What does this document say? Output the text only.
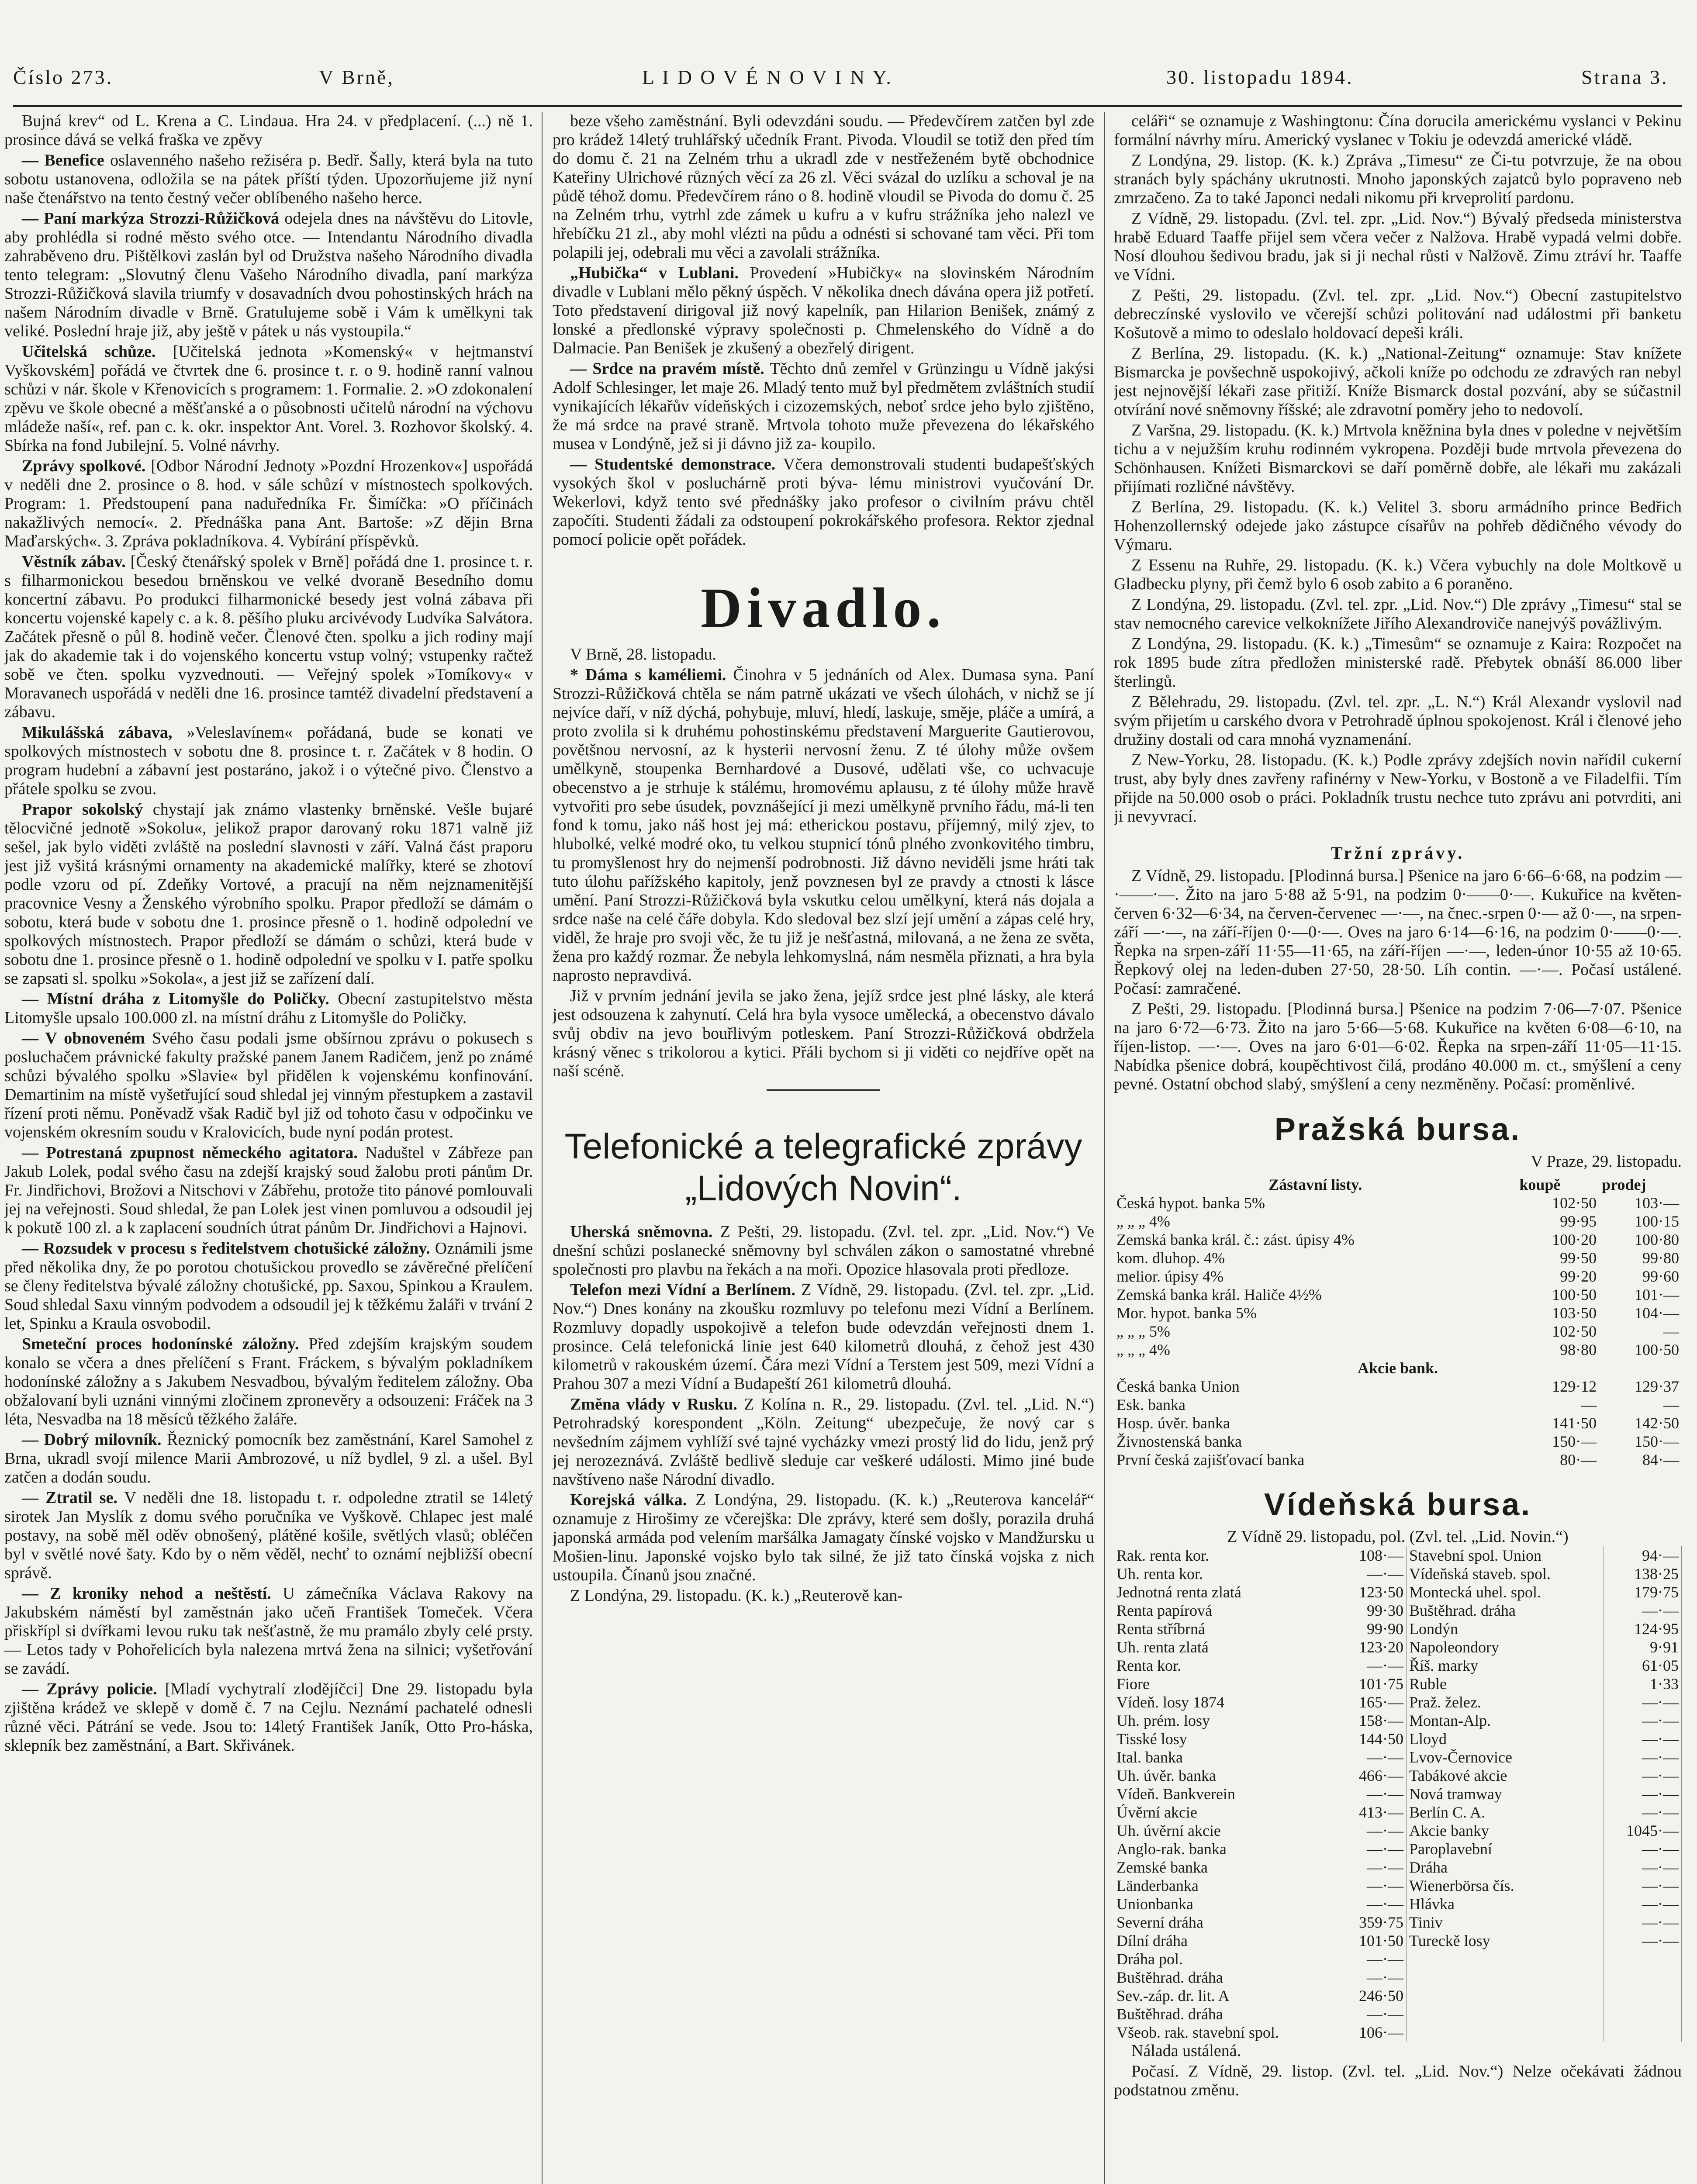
Číslo 273.	V Brně,	L I D O V É N O V I N Y.	30. listopadu 1894.	Strana 3.

Bujná krev“ od L. Krena a C. Lindaua. Hra 24. v předplacení. (...) ně 1. prosince dává se velká fraška ve zpěvy

— Benefice oslavenného našeho režiséra p. Bedř. Šally, která byla na tuto sobotu ustanovena, odložila se na pátek příští týden. Upozorňujeme již nyní naše čtenářstvo na tento čestný večer oblíbeného našeho herce.

— Paní markýza Strozzi-Růžičková odejela dnes na návštěvu do Litovle, aby prohlédla si rodné město svého otce. — Intendantu Národního divadla zahraběveno dru. Pištělkovi zaslán byl od Družstva našeho Národního divadla tento telegram: „Slovutný členu Vašeho Národního divadla, paní markýza Strozzi-Růžičková slavila triumfy v dosavadních dvou pohostinských hrách na našem Národním divadle v Brně. Gratulujeme sobě i Vám k umělkyni tak veliké. Poslední hraje již, aby ještě v pátek u nás vystoupila.“

Učitelská schůze. [Učitelská jednota »Komenský« v hejtmanství Vyškovském] pořádá ve čtvrtek dne 6. prosince t. r. o 9. hodině ranní valnou schůzi v nár. škole v Křenovicích s programem: 1. Formalie. 2. »O zdokonalení zpěvu ve škole obecné a měšťanské a o působnosti učitelů národní na výchovu mládeže naší«, ref. pan c. k. okr. inspektor Ant. Vorel. 3. Rozhovor školský. 4. Sbírka na fond Jubilejní. 5. Volné návrhy.

Zprávy spolkové. [Odbor Národní Jednoty »Pozdní Hrozenkov«] uspořádá v neděli dne 2. prosince o 8. hod. v sále schůzí v místnostech spolkových. Program: 1. Předstoupení pana naduředníka Fr. Šimíčka: »O příčinách nakažlivých nemocí«. 2. Přednáška pana Ant. Bartoše: »Z dějin Brna Maďarských«. 3. Zpráva pokladníkova. 4. Vybírání příspěvků.

Věstník zábav. [Český čtenářský spolek v Brně] pořádá dne 1. prosince t. r. s filharmonickou besedou brněnskou ve velké dvoraně Besedního domu koncertní zábavu. Po produkci filharmonické besedy jest volná zábava při koncertu vojenské kapely c. a k. 8. pěšího pluku arcivévody Ludvíka Salvátora. Začátek přesně o půl 8. hodině večer. Členové čten. spolku a jich rodiny mají jak do akademie tak i do vojenského koncertu vstup volný; vstupenky račtež sobě ve čten. spolku vyzvednouti. — Veřejný spolek »Tomíkovy« v Moravanech uspořádá v neděli dne 16. prosince tamtéž divadelní představení a zábavu.

Mikulášská zábava, »Veleslavínem« pořádaná, bude se konati ve spolkových místnostech v sobotu dne 8. prosince t. r. Začátek v 8 hodin. O program hudební a zábavní jest postaráno, jakož i o výtečné pivo. Členstvo a přátele spolku se zvou.

Prapor sokolský chystají jak známo vlastenky brněnské. Vešle bujaré tělocvičné jednotě »Sokolu«, jelikož prapor darovaný roku 1871 valně již sešel, jak bylo viděti zvláště na poslední slavnosti v září. Valná část praporu jest již vyšitá krásnými ornamenty na akademické malířky, které se zhotoví podle vzoru od pí. Zdeňky Vortové, a pracují na něm nejznamenitější pracovnice Vesny a Ženského výrobního spolku. Prapor předloží se dámám o sobotu, která bude v sobotu dne 1. prosince přesně o 1. hodině odpolední ve spolkových místnostech. Prapor předloží se dámám o schůzi, která bude v sobotu dne 1. prosince přesně o 1. hodině odpolední ve spolku v I. patře spolku se zapsati sl. spolku »Sokola«, a jest již se zařízení dalí.

— Místní dráha z Litomyšle do Poličky. Obecní zastupitelstvo města Litomyšle upsalo 100.000 zl. na místní dráhu z Litomyšle do Poličky.

— V obnoveném Svého času podali jsme obšírnou zprávu o pokusech s posluchačem právnické fakulty pražské panem Janem Radičem, jenž po známé schůzi bývalého spolku »Slavie« byl přidělen k vojenskému konfinování. Demartinim na místě vyšetřující soud shledal jej vinným přestupkem a zastavil řízení proti němu. Poněvadž však Radič byl již od tohoto času v odpočinku ve vojenském okresním soudu v Kralovicích, bude nyní podán protest.

— Potrestaná zpupnost německého agitatora. Naduštel v Zábřeze pan Jakub Lolek, podal svého času na zdejší krajský soud žalobu proti pánům Dr. Fr. Jindřichovi, Brožovi a Nitschovi v Zábřehu, protože tito pánové pomlouvali jej na veřejnosti. Soud shledal, že pan Lolek jest vinen pomluvou a odsoudil jej k pokutě 100 zl. a k zaplacení soudních útrat pánům Dr. Jindřichovi a Hajnovi.

— Rozsudek v procesu s ředitelstvem chotušické záložny. Oznámili jsme před několika dny, že po porotou chotušickou provedlo se závěrečné přelíčení se členy ředitelstva bývalé záložny chotušické, pp. Saxou, Spinkou a Kraulem. Soud shledal Saxu vinným podvodem a odsoudil jej k těžkému žaláři v trvání 2 let, Spinku a Kraula osvobodil.

Smeteční proces hodonínské záložny. Před zdejším krajským soudem konalo se včera a dnes přelíčení s Frant. Fráckem, s bývalým pokladníkem hodonínské záložny a s Jakubem Nesvadbou, bývalým ředitelem záložny. Oba obžalovaní byli uznáni vinnými zločinem zpronevěry a odsouzeni: Fráček na 3 léta, Nesvadba na 18 měsíců těžkého žaláře.

— Dobrý milovník. Řeznický pomocník bez zaměstnání, Karel Samohel z Brna, ukradl svojí milence Marii Ambrozové, u níž bydlel, 9 zl. a ušel. Byl zatčen a dodán soudu.

— Ztratil se. V neděli dne 18. listopadu t. r. odpoledne ztratil se 14letý sirotek Jan Myslík z domu svého poručníka ve Vyškově. Chlapec jest malé postavy, na sobě měl oděv obnošený, plátěné košile, světlých vlasů; obléčen byl v světlé nové šaty. Kdo by o něm věděl, nechť to oznámí nejbližší obecní správě.

— Z kroniky nehod a neštěstí. U zámečníka Václava Rakovy na Jakubském náměstí byl zaměstnán jako učeň František Tomeček. Včera přiskřípl si dvířkami levou ruku tak nešťastně, že mu pramálo zbyly celé prsty. — Letos tady v Pohořelicích byla nalezena mrtvá žena na silnici; vyšetřování se zavádí.

— Zprávy policie. [Mladí vychytralí zlodějíčci] Dne 29. listopadu byla zjištěna krádež ve sklepě v domě č. 7 na Cejlu. Neznámí pachatelé odnesli různé věci. Pátrání se vede. Jsou to: 14letý František Janík, Otto Pro-háska, sklepník bez zaměstnání, a Bart. Skřivánek.

beze všeho zaměstnání. Byli odevzdáni soudu. — Předevčírem zatčen byl zde pro krádež 14letý truhlářský učedník Frant. Pivoda. Vloudil se totiž den před tím do domu č. 21 na Zelném trhu a ukradl zde v nestřeženém bytě obchodnice Kateřiny Ulrichové různých věcí za 26 zl. Věci svázal do uzlíku a schoval je na půdě téhož domu. Předevčírem ráno o 8. hodině vloudil se Pivoda do domu č. 25 na Zelném trhu, vytrhl zde zámek u kufru a v kufru strážníka jeho nalezl ve hřebíčku 21 zl., aby mohl vlézti na půdu a odnésti si schované tam věci. Při tom polapili jej, odebrali mu věci a zavolali strážníka.

„Hubička“ v Lublani. Provedení »Hubičky« na slovinském Národním divadle v Lublani mělo pěkný úspěch. V několika dnech dávána opera již potřetí. Toto představení dirigoval již nový kapelník, pan Hilarion Benišek, známý z lonské a předlonské výpravy společnosti p. Chmelenského do Vídně a do Dalmacie. Pan Benišek je zkušený a obezřelý dirigent.

— Srdce na pravém místě. Těchto dnů zemřel v Grünzingu u Vídně jakýsi Adolf Schlesinger, let maje 26. Mladý tento muž byl předmětem zvláštních studií vynikajících lékařův vídeňských i cizozemských, neboť srdce jeho bylo zjištěno, že má srdce na pravé straně. Mrtvola tohoto muže převezena do lékařského musea v Londýně, jež si ji dávno již za- koupilo.

— Studentské demonstrace. Včera demonstrovali studenti budapešťských vysokých škol v posluchárně proti býva- lému ministrovi vyučování Dr. Wekerlovi, když tento své přednášky jako profesor o civilním právu chtěl započíti. Studenti žádali za odstoupení pokrokářského profesora. Rektor zjednal pomocí policie opět pořádek.

Divadlo.

V Brně, 28. listopadu.

* Dáma s kaméliemi. Činohra v 5 jednáních od Alex. Dumasa syna. Paní Strozzi-Růžičková chtěla se nám patrně ukázati ve všech úlohách, v nichž se jí nejvíce daří, v níž dýchá, pohybuje, mluví, hledí, laskuje, směje, pláče a umírá, a proto zvolila si k druhému pohostinskému představení Marguerite Gautierovou, povětšnou nervosní, az k hysterii nervosní ženu. Z té úlohy může ovšem umělkyně, stoupenka Bernhardové a Dusové, udělati vše, co uchvacuje obecenstvo a je strhuje k stálému, hromovému aplausu, z té úlohy může hravě vytvořiti pro sebe úsudek, povznášející ji mezi umělkyně prvního řádu, má-li ten fond k tomu, jako náš host jej má: etherickou postavu, příjemný, milý zjev, to hlubolké, velké modré oko, tu velkou stupnicí tónů plného zvonkovitého timbru, tu promyšlenost hry do nejmenší podrobnosti. Již dávno neviděli jsme hráti tak tuto úlohu pařížského kapitoly, jenž povznesen byl ze pravdy a ctnosti k lásce umění. Paní Strozzi-Růžičková byla vskutku celou umělkyní, která nás dojala a srdce naše na celé čáře dobyla. Kdo sledoval bez slzí její umění a zápas celé hry, viděl, že hraje pro svoji věc, že tu již je nešťastná, milovaná, a ne žena ze světa, žena pro každý rozmar. Že nebyla lehkomyslná, nám nesměla přiznati, a hra byla naprosto nepravdivá.

Již v prvním jednání jevila se jako žena, jejíž srdce jest plné lásky, ale která jest odsouzena k zahynutí. Celá hra byla vysoce umělecká, a obecenstvo dávalo svůj obdiv na jevo bouřlivým potleskem. Paní Strozzi-Růžičková obdržela krásný věnec s trikolorou a kytici. Přáli bychom si ji viděti co nejdříve opět na naší scéně.

Telefonické a telegrafické zprávy „Lidových Novin“.

Uherská sněmovna. Z Pešti, 29. listopadu. (Zvl. tel. zpr. „Lid. Nov.“) Ve dnešní schůzi poslanecké sněmovny byl schválen zákon o samostatné vhrebné společnosti pro plavbu na řekách a na moři. Opozice hlasovala proti předloze.

Telefon mezi Vídní a Berlínem. Z Vídně, 29. listopadu. (Zvl. tel. zpr. „Lid. Nov.“) Dnes konány na zkoušku rozmluvy po telefonu mezi Vídní a Berlínem. Rozmluvy dopadly uspokojivě a telefon bude odevzdán veřejnosti dnem 1. prosince. Celá telefonická linie jest 640 kilometrů dlouhá, z čehož jest 430 kilometrů v rakouském území. Čára mezi Vídní a Terstem jest 509, mezi Vídní a Prahou 307 a mezi Vídní a Budapeští 261 kilometrů dlouhá.

Změna vlády v Rusku. Z Kolína n. R., 29. listopadu. (Zvl. tel. „Lid. N.“) Petrohradský korespondent „Köln. Zeitung“ ubezpečuje, že nový car s nevšedním zájmem vyhlíží své tajné vycházky vmezi prostý lid do lidu, jenž prý jej nerozeznává. Zvláště bedlivě sleduje car veškeré události. Mimo jiné bude navštíveno naše Národní divadlo.

Korejská válka. Z Londýna, 29. listopadu. (K. k.) „Reuterova kancelář“ oznamuje z Hirošimy ze včerejška: Dle zprávy, které sem došly, porazila druhá japonská armáda pod velením maršálka Jamagaty čínské vojsko v Mandžursku u Mošien-linu. Japonské vojsko bylo tak silné, že již tato čínská vojska z nich ustoupila. Čínanů jsou značné.

Z Londýna, 29. listopadu. (K. k.) „Reuterově kan-

celáři“ se oznamuje z Washingtonu: Čína dorucila americkému vyslanci v Pekinu formální návrhy míru. Americký vyslanec v Tokiu je odevzdá americké vládě.

Z Londýna, 29. listop. (K. k.) Zpráva „Timesu“ ze Či-tu potvrzuje, že na obou stranách byly spáchány ukrutnosti. Mnoho japonských zajatců bylo popraveno neb zmrzačeno. Za to také Japonci nedali nikomu při krveprolití pardonu.

Z Vídně, 29. listopadu. (Zvl. tel. zpr. „Lid. Nov.“) Bývalý předseda ministerstva hrabě Eduard Taaffe přijel sem včera večer z Nalžova. Hrabě vypadá velmi dobře. Nosí dlouhou šedivou bradu, jak si ji nechal růsti v Nalžově. Zimu ztráví hr. Taaffe ve Vídni.

Z Pešti, 29. listopadu. (Zvl. tel. zpr. „Lid. Nov.“) Obecní zastupitelstvo debreczínské vyslovilo ve včerejší schůzi politování nad událostmi při banketu Košutově a mimo to odeslalo holdovací depeši králi.

Z Berlína, 29. listopadu. (K. k.) „National-Zeitung“ oznamuje: Stav knížete Bismarcka je povšechně uspokojivý, ačkoli kníže po odchodu ze zdravých ran nebyl jest nejnovější lékaři zase přitiží. Kníže Bismarck dostal pozvání, aby se súčastnil otvírání nové sněmovny říšské; ale zdravotní poměry jeho to nedovolí.

Z Varšna, 29. listopadu. (K. k.) Mrtvola kněžnina byla dnes v poledne v největším tichu a v nejužším kruhu rodinném vykropena. Později bude mrtvola převezena do Schönhausen. Knížeti Bismarckovi se daří poměrně dobře, ale lékaři mu zakázali přijímati rozličné návštěvy.

Z Berlína, 29. listopadu. (K. k.) Velitel 3. sboru armádního prince Bedřich Hohenzollernský odejede jako zástupce císařův na pohřeb dědičného vévody do Výmaru.

Z Essenu na Ruhře, 29. listopadu. (K. k.) Včera vybuchly na dole Moltkově u Gladbecku plyny, při čemž bylo 6 osob zabito a 6 poraněno.

Z Londýna, 29. listopadu. (Zvl. tel. zpr. „Lid. Nov.“) Dle zprávy „Timesu“ stal se stav nemocného carevice velkoknížete Jiřího Alexandroviče nanejvýš povážlivým.

Z Londýna, 29. listopadu. (K. k.) „Timesům“ se oznamuje z Kaira: Rozpočet na rok 1895 bude zítra předložen ministerské radě. Přebytek obnáší 86.000 liber šterlingů.

Z Bělehradu, 29. listopadu. (Zvl. tel. zpr. „L. N.“) Král Alexandr vyslovil nad svým přijetím u carského dvora v Petrohradě úplnou spokojenost. Král i členové jeho družiny dostali od cara mnohá vyznamenání.

Z New-Yorku, 28. listopadu. (K. k.) Podle zprávy zdejších novin nařídil cukerní trust, aby byly dnes zavřeny rafinérny v New-Yorku, v Bostoně a ve Filadelfii. Tím přijde na 50.000 osob o práci. Pokladník trustu nechce tuto zprávu ani potvrditi, ani ji nevyvrací.

Tržní zprávy.

Z Vídně, 29. listopadu. [Plodinná bursa.] Pšenice na jaro 6·66–6·68, na podzim —·——·—. Žito na jaro 5·88 až 5·91, na podzim 0·——0·—. Kukuřice na květen-červen 6·32—6·34, na červen-červenec —·—, na čnec.-srpen 0·— až 0·—, na srpen-září —·—, na září-říjen 0·—0·—. Oves na jaro 6·14—6·16, na podzim 0·——0·—. Řepka na srpen-září 11·55—11·65, na září-říjen —·—, leden-únor 10·55 až 10·65. Řepkový olej na leden-duben 27·50, 28·50. Líh contin. —·—. Počasí ustálené. Počasí: zamračené.

Z Pešti, 29. listopadu. [Plodinná bursa.] Pšenice na podzim 7·06—7·07. Pšenice na jaro 6·72—6·73. Žito na jaro 5·66—5·68. Kukuřice na květen 6·08—6·10, na říjen-listop. —·—. Oves na jaro 6·01—6·02. Řepka na srpen-září 11·05—11·15. Nabídka pšenice dobrá, koupěchtivost čilá, prodáno 40.000 m. ct., smýšlení a ceny pevné. Ostatní obchod slabý, smýšlení a ceny nezměněny. Počasí: proměnlivé.

Pražská bursa.
V Praze, 29. listopadu.
Zástavní listy.	koupě	prodej
Česká hypot. banka 5%	102·50	103·—
„ „ „ 4%	99·95	100·15
Zemská banka král. č.: zást. úpisy 4%	100·20	100·80
kom. dluhop. 4%	99·50	99·80
melior. úpisy 4%	99·20	99·60
Zemská banka král. Haliče 4½%	100·50	101·—
Mor. hypot. banka 5%	103·50	104·—
„ „ „ 5%	102·50	—
„ „ „ 4%	98·80	100·50
Akcie bank.		
Česká banka Union	129·12	129·37
Esk. banka	—	—
Hosp. úvěr. banka	141·50	142·50
Živnostenská banka	150·—	150·—
První česká zajišťovací banka	80·—	84·—
Vídeňská bursa.
Z Vídně 29. listopadu, pol. (Zvl. tel. „Lid. Novin.“)
Rak. renta kor.	108·—	Stavební spol. Union	94·—
Uh. renta kor.	—·—	Vídeňská staveb. spol.	138·25
Jednotná renta zlatá	123·50	Montecká uhel. spol.	179·75
Renta papírová	99·30	Buštěhrad. dráha	—·—
Renta stříbrná	99·90	Londýn	124·95
Uh. renta zlatá	123·20	Napoleondory	9·91
Renta kor.	—·—	Říš. marky	61·05
Fiore	101·75	Ruble	1·33
Vídeň. losy 1874	165·—	Praž. želez.	—·—
Uh. prém. losy	158·—	Montan-Alp.	—·—
Tisské losy	144·50	Lloyd	—·—
Ital. banka	—·—	Lvov-Černovice	—·—
Uh. úvěr. banka	466·—	Tabákové akcie	—·—
Vídeň. Bankverein	—·—	Nová tramway	—·—
Úvěrní akcie	413·—	Berlín C. A.	—·—
Uh. úvěrní akcie	—·—	Akcie banky	1045·—
Anglo-rak. banka	—·—	Paroplavební	—·—
Zemské banka	—·—	Dráha	—·—
Länderbanka	—·—	Wienerbörsa čís.	—·—
Unionbanka	—·—	Hlávka	—·—
Severní dráha	359·75	Tiniv	—·—
Dílní dráha	101·50	Tureckě losy	—·—
Dráha pol.	—·—		
Buštěhrad. dráha	—·—		
Sev.-záp. dr. lit. A	246·50		
Buštěhrad. dráha	—·—		
Všeob. rak. stavební spol.	106·—		

Nálada ustálená.

Počasí. Z Vídně, 29. listop. (Zvl. tel. „Lid. Nov.“) Nelze očekávati žádnou podstatnou změnu.
